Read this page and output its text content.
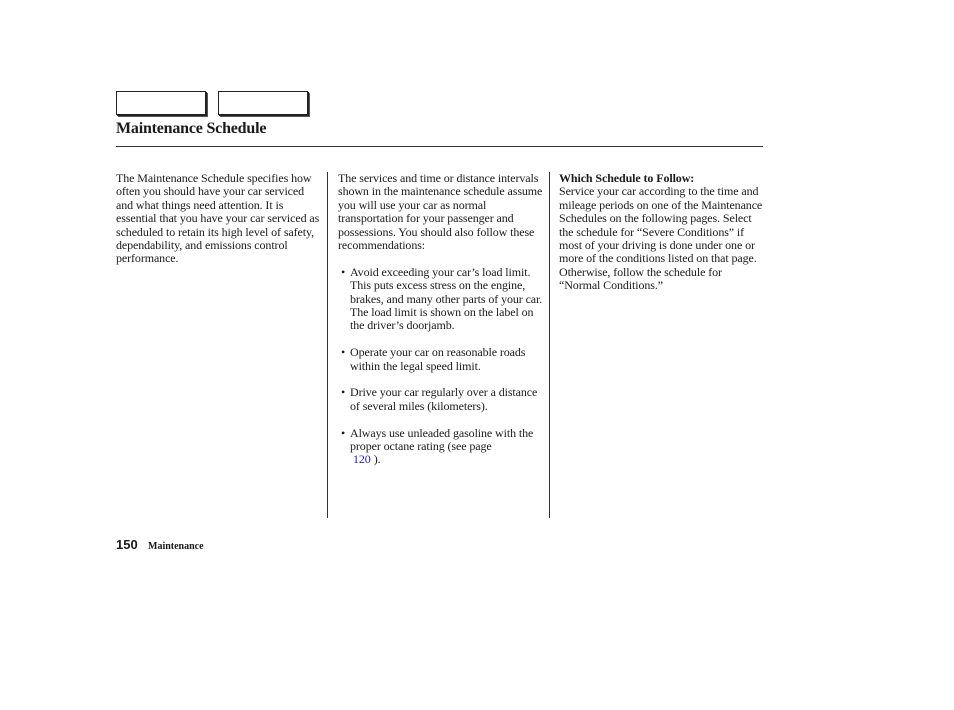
Maintenance Schedule

The Maintenance Schedule specifies how often you should have your car serviced and what things need attention. It is essential that you have your car serviced as scheduled to retain its high level of safety, dependability, and emissions control performance.

The services and time or distance intervals shown in the maintenance schedule assume you will use your car as normal transportation for your passenger and possessions. You should also follow these recommendations:

• Avoid exceeding your car’s load limit. This puts excess stress on the engine, brakes, and many other parts of your car. The load limit is shown on the label on the driver’s doorjamb.
• Operate your car on reasonable roads within the legal speed limit.
• Drive your car regularly over a distance of several miles (kilometers).
• Always use unleaded gasoline with the proper octane rating (see page
120 ).

Which Schedule to Follow:

Service your car according to the time and mileage periods on one of the Maintenance Schedules on the following pages. Select the schedule for “Severe Conditions” if most of your driving is done under one or more of the conditions listed on that page. Otherwise, follow the schedule for “Normal Conditions.”

150 Maintenance
